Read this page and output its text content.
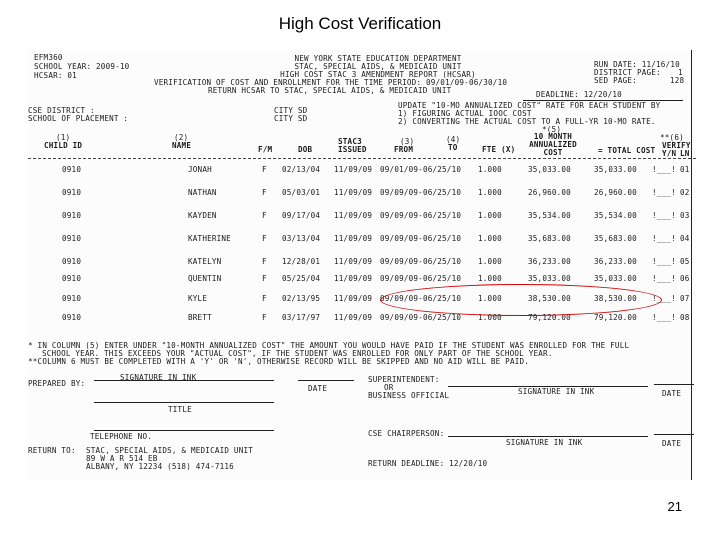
High Cost Verification
EFM360
SCHOOL YEAR: 2009-10
HCSAR: 01
NEW YORK STATE EDUCATION DEPARTMENT
STAC, SPECIAL AIDS, & MEDICAID UNIT
HIGH COST STAC 3 AMENDMENT REPORT (HCSAR)
VERIFICATION OF COST AND ENROLLMENT FOR THE TIME PERIOD: 09/01/09-06/30/10
RETURN HCSAR TO STAC, SPECIAL AIDS, & MEDICAID UNIT
RUN DATE: 11/16/10
DISTRICT PAGE: 1
SED PAGE:	128
DEADLINE: 12/20/10
CSE DISTRICT :
SCHOOL OF PLACEMENT :
CITY SD
CITY SD
UPDATE "10-MO ANNUALIZED COST" RATE FOR EACH STUDENT BY
1) FIGURING ACTUAL IOOC COST
2) CONVERTING THE ACTUAL COST TO A FULL-YR 10-MO RATE.
(1)
CHILD ID
(2)
NAME	F/M	DOB
STAC3
ISSUED
(3)
FROM
(4)
TO	FTE (X)
*(5)
10 MONTH
ANNUALIZED
COST	= TOTAL COST
**(6)
VERIFY
Y/N LN
0910	JONAH	F 02/13/04 11/09/09 09/01/09-06/25/10 1.000	35,033.00	35,033.00 !___! 01
0910	NATHAN	F 05/03/01 11/09/09 09/09/09-06/25/10 1.000	26,960.00	26,960.00 !___! 02
0910	KAYDEN	F 09/17/04 11/09/09 09/09/09-06/25/10 1.000	35,534.00	35,534.00 !___! 03
0910	KATHERINE	F 03/13/04 11/09/09 09/09/09-06/25/10 1.000	35,683.00	35,683.00 !___! 04
0910	KATELYN	F 12/28/01 11/09/09 09/09/09-06/25/10 1.000	36,233.00	36,233.00 !___! 05
0910	QUENTIN	F 05/25/04 11/09/09 09/09/09-06/25/10 1.000	35,033.00	35,033.00 !___! 06
0910	KYLE	F 02/13/95 11/09/09 09/09/09-06/25/10 1.000	38,530.00	38,530.00 !___! 07
0910	BRETT	F 03/17/97 11/09/09 09/09/09-06/25/10 1.000	79,120.00	79,120.00 !___! 08
* IN COLUMN (5) ENTER UNDER "10-MONTH ANNUALIZED COST" THE AMOUNT YOU WOULD HAVE PAID IF THE STUDENT WAS ENROLLED FOR THE FULL
SCHOOL YEAR. THIS EXCEEDS YOUR "ACTUAL COST", IF THE STUDENT WAS ENROLLED FOR ONLY PART OF THE SCHOOL YEAR.
**COLUMN 6 MUST BE COMPLETED WITH A 'Y' OR 'N', OTHERWISE RECORD WILL BE SKIPPED AND NO AID WILL BE PAID.
PREPARED BY:
SIGNATURE IN INK
DATE
TITLE
TELEPHONE NO.
RETURN TO: STAC, SPECIAL AIDS, & MEDICAID UNIT
89 W A R 514 EB
ALBANY, NY 12234 (518) 474-7116
SUPERINTENDENT:
OR
BUSINESS OFFICIAL	SIGNATURE IN INK	DATE
CSE CHAIRPERSON:
SIGNATURE IN INK	DATE
RETURN DEADLINE: 12/20/10
21
